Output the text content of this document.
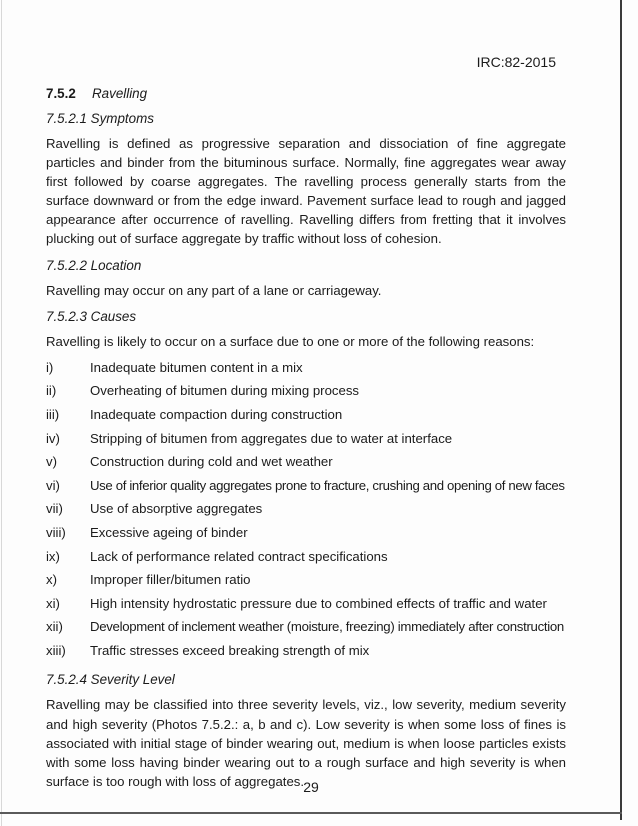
IRC:82-2015
7.5.2 Ravelling
7.5.2.1 Symptoms

Ravelling is defined as progressive separation and dissociation of fine aggregate particles and binder from the bituminous surface. Normally, fine aggregates wear away first followed by coarse aggregates. The ravelling process generally starts from the surface downward or from the edge inward. Pavement surface lead to rough and jagged appearance after occurrence of ravelling. Ravelling differs from fretting that it involves plucking out of surface aggregate by traffic without loss of cohesion.

7.5.2.2 Location

Ravelling may occur on any part of a lane or carriageway.

7.5.2.3 Causes

Ravelling is likely to occur on a surface due to one or more of the following reasons:

i)	Inadequate bitumen content in a mix
ii)	Overheating of bitumen during mixing process
iii)	Inadequate compaction during construction
iv)	Stripping of bitumen from aggregates due to water at interface
v)	Construction during cold and wet weather
vi)	Use of inferior quality aggregates prone to fracture, crushing and opening of new faces
vii)	Use of absorptive aggregates
viii)	Excessive ageing of binder
ix)	Lack of performance related contract specifications
x)	Improper filler/bitumen ratio
xi)	High intensity hydrostatic pressure due to combined effects of traffic and water
xii)	Development of inclement weather (moisture, freezing) immediately after construction
xiii)	Traffic stresses exceed breaking strength of mix
7.5.2.4 Severity Level

Ravelling may be classified into three severity levels, viz., low severity, medium severity and high severity (Photos 7.5.2.: a, b and c). Low severity is when some loss of fines is associated with initial stage of binder wearing out, medium is when loose particles exists with some loss having binder wearing out to a rough surface and high severity is when surface is too rough with loss of aggregates. 29
